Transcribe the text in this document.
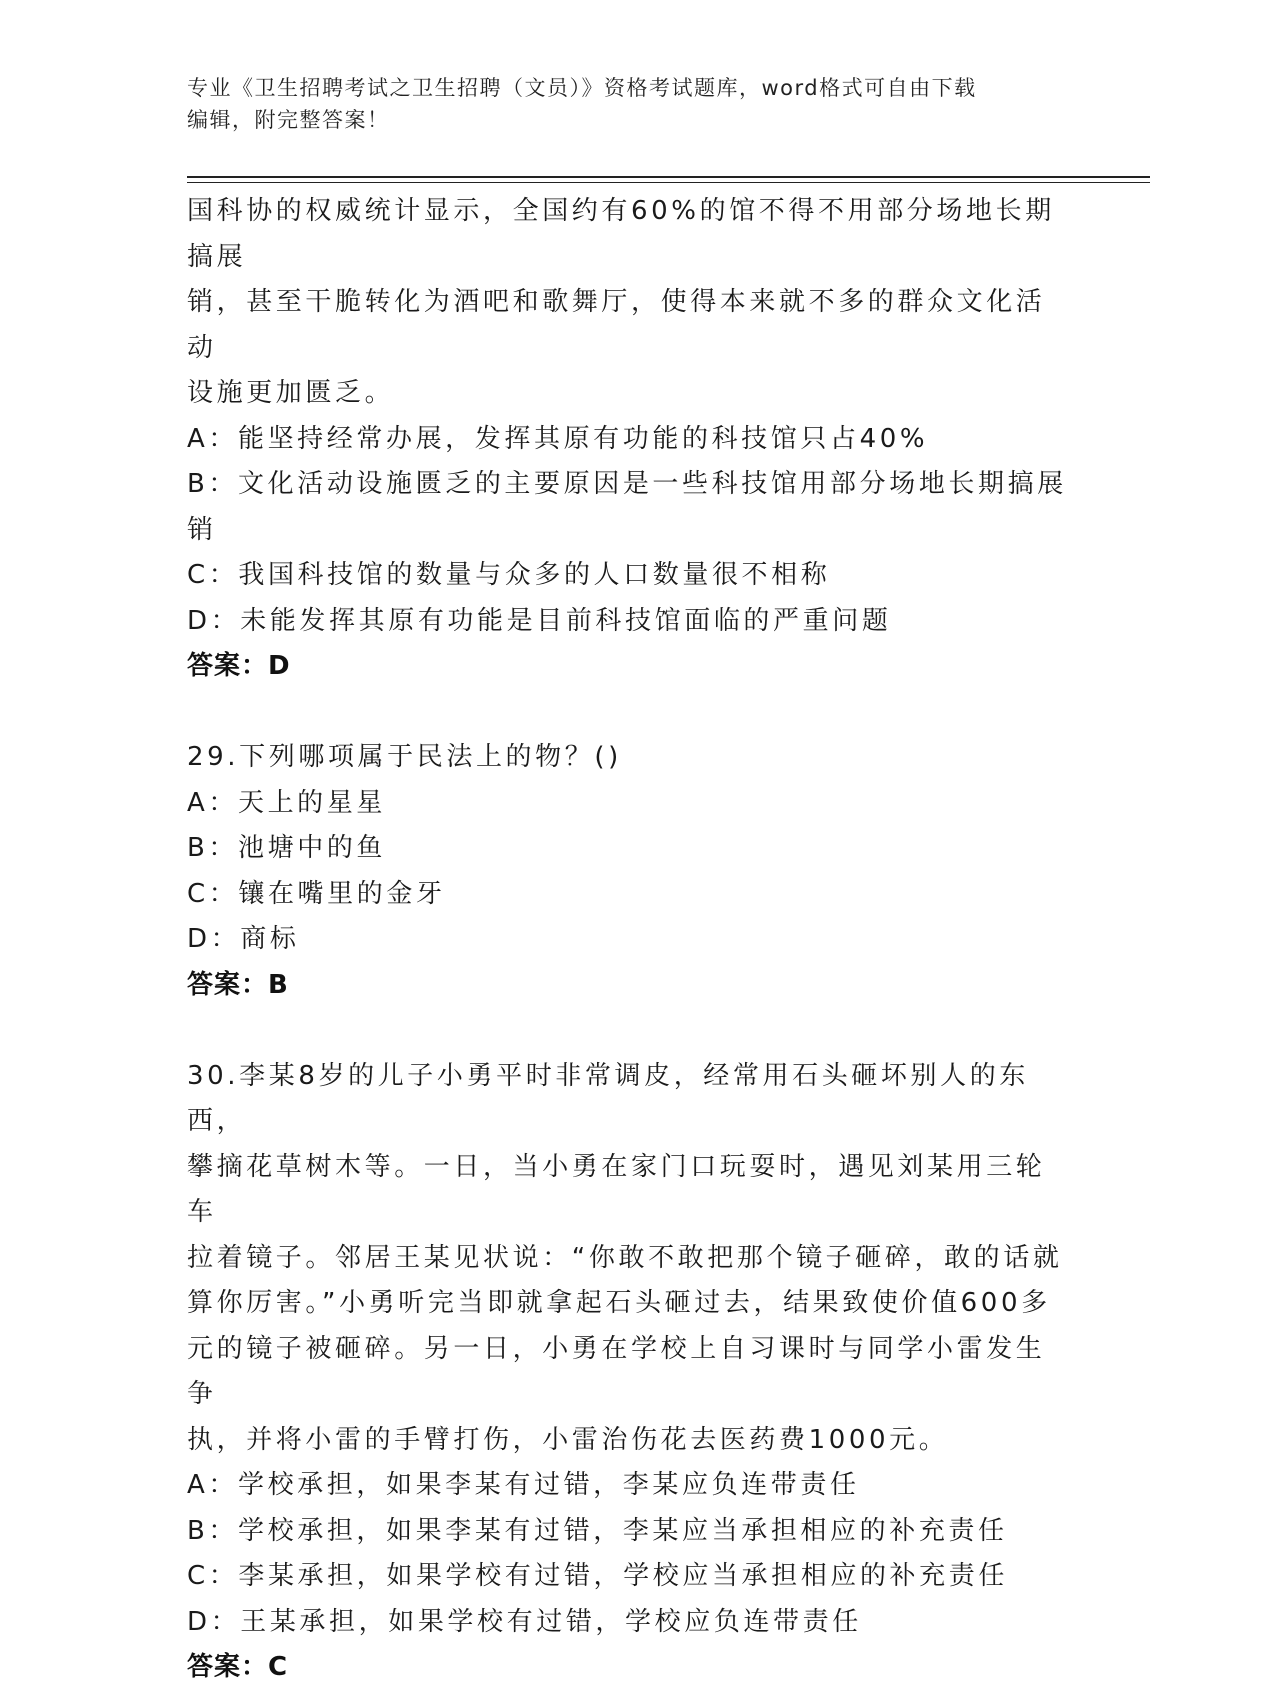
专业《卫生招聘考试之卫生招聘（文员）》资格考试题库，word格式可自由下载
编辑，附完整答案！

国科协的权威统计显示，全国约有60%的馆不得不用部分场地长期搞展

销，甚至干脆转化为酒吧和歌舞厅，使得本来就不多的群众文化活动

设施更加匮乏。

A：能坚持经常办展，发挥其原有功能的科技馆只占40%

B：文化活动设施匮乏的主要原因是一些科技馆用部分场地长期搞展销

C：我国科技馆的数量与众多的人口数量很不相称

D：未能发挥其原有功能是目前科技馆面临的严重问题

答案：D

29.下列哪项属于民法上的物？()

A：天上的星星

B：池塘中的鱼

C：镶在嘴里的金牙

D：商标

答案：B

30.李某8岁的儿子小勇平时非常调皮，经常用石头砸坏别人的东西，

攀摘花草树木等。一日，当小勇在家门口玩耍时，遇见刘某用三轮车

拉着镜子。邻居王某见状说：“你敢不敢把那个镜子砸碎，敢的话就

算你厉害。”小勇听完当即就拿起石头砸过去，结果致使价值600多

元的镜子被砸碎。另一日，小勇在学校上自习课时与同学小雷发生争

执，并将小雷的手臂打伤，小雷治伤花去医药费1000元。

A：学校承担，如果李某有过错，李某应负连带责任

B：学校承担，如果李某有过错，李某应当承担相应的补充责任

C：李某承担，如果学校有过错，学校应当承担相应的补充责任

D：王某承担，如果学校有过错，学校应负连带责任

答案：C
